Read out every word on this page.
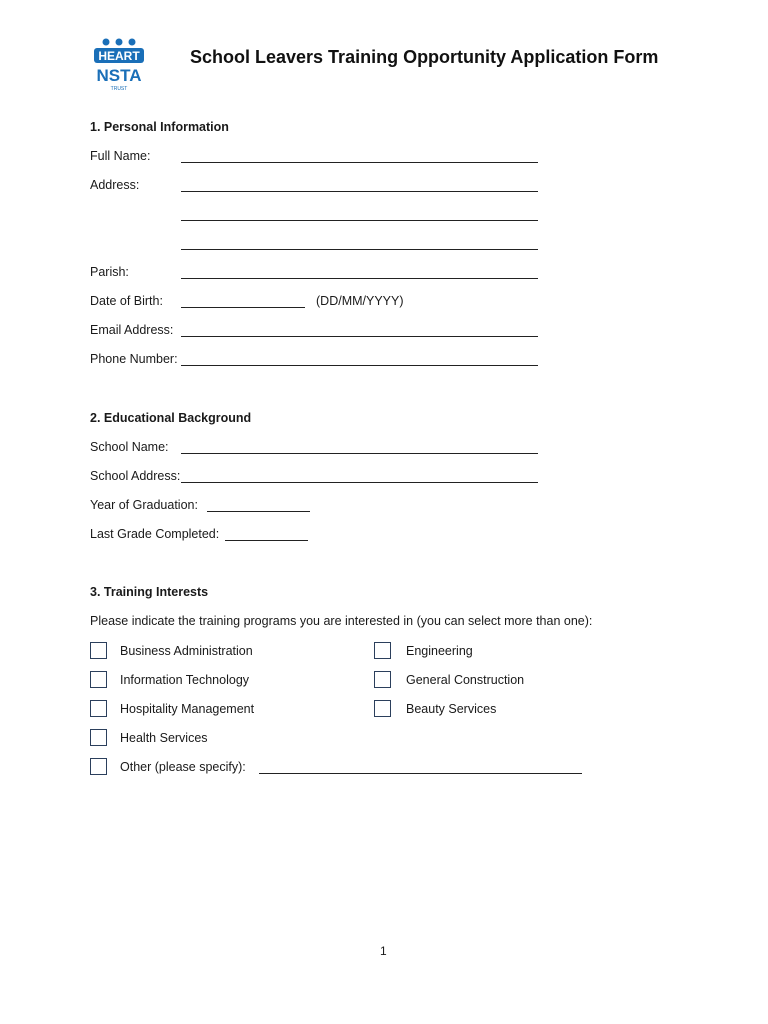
HEART
NSTA
TRUST
School Leavers Training Opportunity Application Form
1. Personal Information
Full Name:
Address:
Parish:
Date of Birth:	(DD/MM/YYYY)
Email Address:
Phone Number:
2. Educational Background
School Name:
School Address:
Year of Graduation:
Last Grade Completed:
3. Training Interests
Please indicate the training programs you are interested in (you can select more than one):
Business Administration
Information Technology
Hospitality Management
Health Services
Other (please specify):
Engineering
General Construction
Beauty Services
1
